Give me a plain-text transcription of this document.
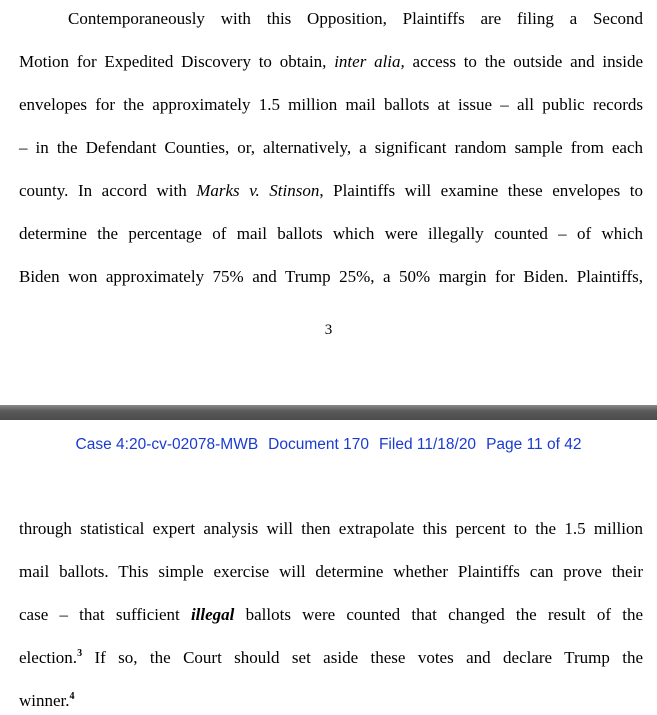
Contemporaneously with this Opposition, Plaintiffs are filing a Second
Motion for Expedited Discovery to obtain, inter alia, access to the outside and inside
envelopes for the approximately 1.5 million mail ballots at issue – all public records
– in the Defendant Counties, or, alternatively, a significant random sample from each
county. In accord with Marks v. Stinson, Plaintiffs will examine these envelopes to
determine the percentage of mail ballots which were illegally counted – of which
Biden won approximately 75% and Trump 25%, a 50% margin for Biden. Plaintiffs,
3
Case 4:20-cv-02078-MWB Document 170 Filed 11/18/20 Page 11 of 42
through statistical expert analysis will then extrapolate this percent to the 1.5 million
mail ballots. This simple exercise will determine whether Plaintiffs can prove their
case – that sufficient illegal ballots were counted that changed the result of the
election.$^3$ If so, the Court should set aside these votes and declare Trump the
winner.$^4$
